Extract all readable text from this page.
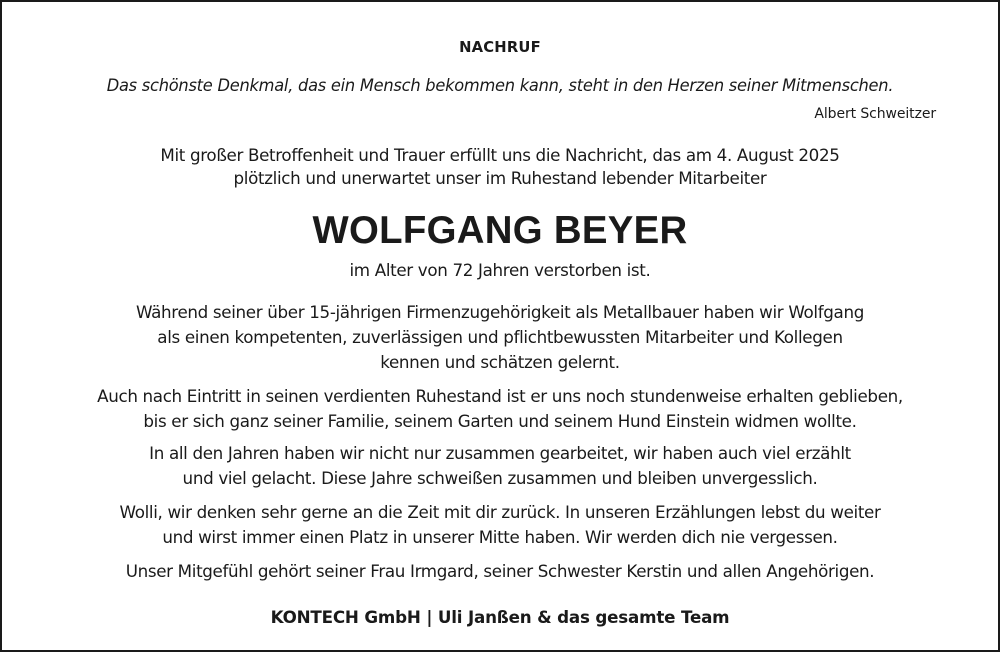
NACHRUF
Das schönste Denkmal, das ein Mensch bekommen kann, steht in den Herzen seiner Mitmenschen.
Albert Schweitzer
Mit großer Betroffenheit und Trauer erfüllt uns die Nachricht, das am 4. August 2025
plötzlich und unerwartet unser im Ruhestand lebender Mitarbeiter
WOLFGANG BEYER
im Alter von 72 Jahren verstorben ist.
Während seiner über 15-jährigen Firmenzugehörigkeit als Metallbauer haben wir Wolfgang
als einen kompetenten, zuverlässigen und pflichtbewussten Mitarbeiter und Kollegen
kennen und schätzen gelernt.
Auch nach Eintritt in seinen verdienten Ruhestand ist er uns noch stundenweise erhalten geblieben,
bis er sich ganz seiner Familie, seinem Garten und seinem Hund Einstein widmen wollte.
In all den Jahren haben wir nicht nur zusammen gearbeitet, wir haben auch viel erzählt
und viel gelacht. Diese Jahre schweißen zusammen und bleiben unvergesslich.
Wolli, wir denken sehr gerne an die Zeit mit dir zurück. In unseren Erzählungen lebst du weiter
und wirst immer einen Platz in unserer Mitte haben. Wir werden dich nie vergessen.
Unser Mitgefühl gehört seiner Frau Irmgard, seiner Schwester Kerstin und allen Angehörigen.
KONTECH GmbH | Uli Janßen & das gesamte Team
